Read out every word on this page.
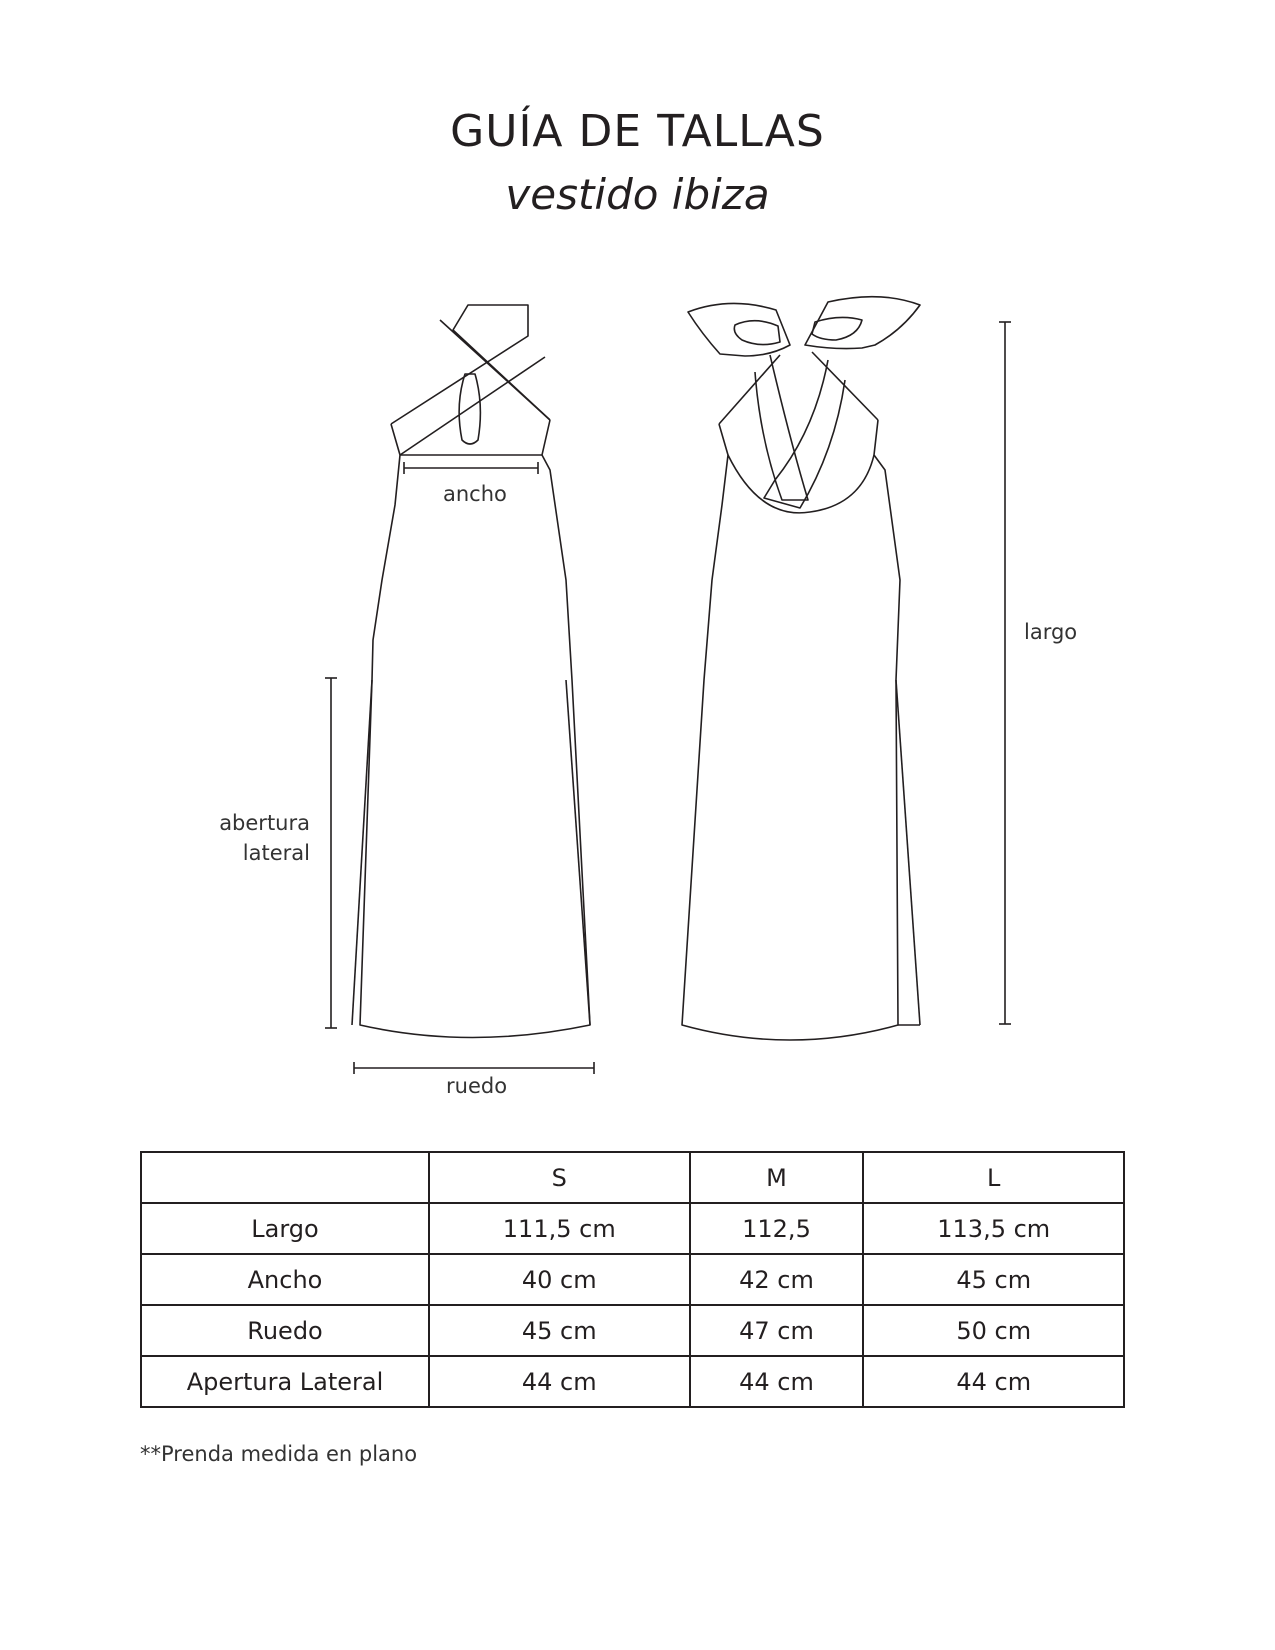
GUÍA DE TALLAS
vestido ibiza
ancho
largo
abertura
lateral
ruedo
	S	M	L
Largo	111,5 cm	112,5	113,5 cm
Ancho	40 cm	42 cm	45 cm
Ruedo	45 cm	47 cm	50 cm
Apertura Lateral	44 cm	44 cm	44 cm
**Prenda medida en plano
